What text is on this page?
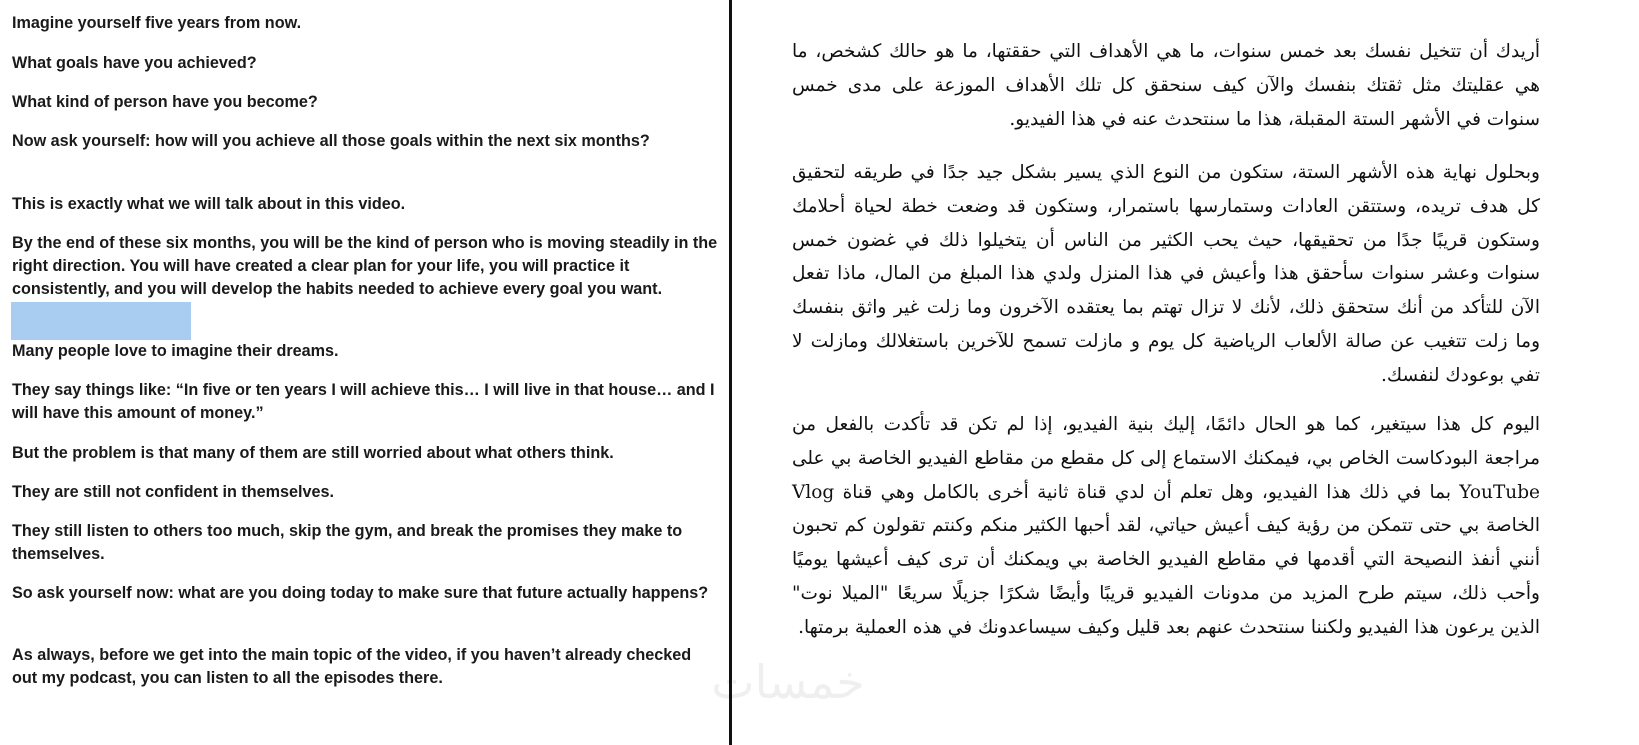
Imagine yourself five years from now.

What goals have you achieved?

What kind of person have you become?

Now ask yourself: how will you achieve all those goals within the next six months?

This is exactly what we will talk about in this video.

By the end of these six months, you will be the kind of person who is moving steadily in the right direction. You will have created a clear plan for your life, you will practice it consistently, and you will develop the habits needed to achieve every goal you want.

Many people love to imagine their dreams.

They say things like: “In five or ten years I will achieve this… I will live in that house… and I will have this amount of money.”

But the problem is that many of them are still worried about what others think.

They are still not confident in themselves.

They still listen to others too much, skip the gym, and break the promises they make to themselves.

So ask yourself now: what are you doing today to make sure that future actually happens?

As always, before we get into the main topic of the video, if you haven’t already checked out my podcast, you can listen to all the episodes there.

أريدك أن تتخيل نفسك بعد خمس سنوات، ما هي الأهداف التي حققتها، ما هو حالك كشخص، ما هي عقليتك مثل ثقتك بنفسك والآن كيف سنحقق كل تلك الأهداف الموزعة على مدى خمس سنوات في الأشهر الستة المقبلة، هذا ما سنتحدث عنه في هذا الفيديو.

وبحلول نهاية هذه الأشهر الستة، ستكون من النوع الذي يسير بشكل جيد جدًا في طريقه لتحقيق كل هدف تريده، وستتقن العادات وستمارسها باستمرار، وستكون قد وضعت خطة لحياة أحلامك وستكون قريبًا جدًا من تحقيقها، حيث يحب الكثير من الناس أن يتخيلوا ذلك في غضون خمس سنوات وعشر سنوات سأحقق هذا وأعيش في هذا المنزل ولدي هذا المبلغ من المال، ماذا تفعل الآن للتأكد من أنك ستحقق ذلك، لأنك لا تزال تهتم بما يعتقده الآخرون وما زلت غير واثق بنفسك وما زلت تتغيب عن صالة الألعاب الرياضية كل يوم و مازلت تسمح للآخرين باستغلالك ومازلت لا تفي بوعودك لنفسك.

اليوم كل هذا سيتغير، كما هو الحال دائمًا، إليك بنية الفيديو، إذا لم تكن قد تأكدت بالفعل من مراجعة البودكاست الخاص بي، فيمكنك الاستماع إلى كل مقطع من مقاطع الفيديو الخاصة بي على YouTube بما في ذلك هذا الفيديو، وهل تعلم أن لدي قناة ثانية أخرى بالكامل وهي قناة Vlog الخاصة بي حتى تتمكن من رؤية كيف أعيش حياتي، لقد أحبها الكثير منكم وكنتم تقولون كم تحبون أنني أنفذ النصيحة التي أقدمها في مقاطع الفيديو الخاصة بي ويمكنك أن ترى كيف أعيشها يوميًا وأحب ذلك، سيتم طرح المزيد من مدونات الفيديو قريبًا وأيضًا شكرًا جزيلًا سريعًا "الميلا نوت" الذين يرعون هذا الفيديو ولكننا سنتحدث عنهم بعد قليل وكيف سيساعدونك في هذه العملية برمتها.

خمسات
